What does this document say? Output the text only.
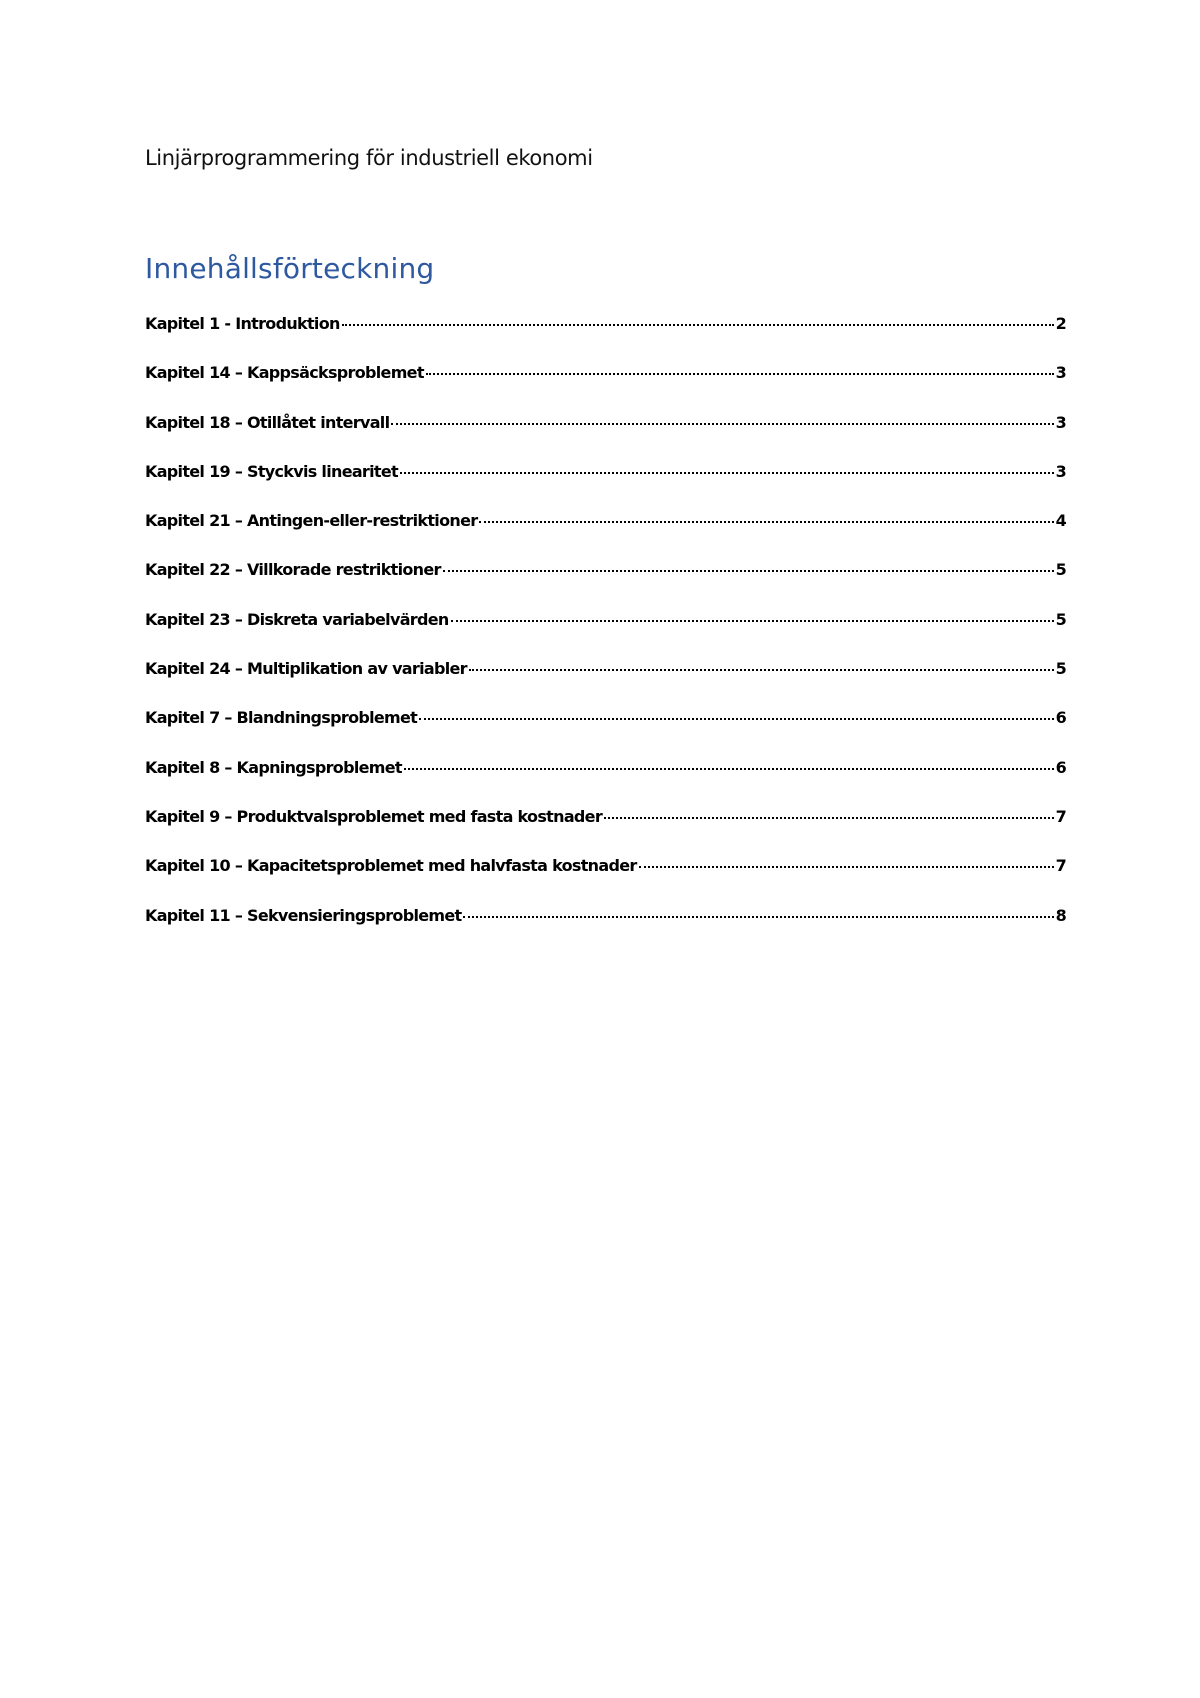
Linjärprogrammering för industriell ekonomi
Innehållsförteckning
Kapitel 1 - Introduktion	2
Kapitel 14 – Kappsäcksproblemet	3
Kapitel 18 – Otillåtet intervall	3
Kapitel 19 – Styckvis linearitet	3
Kapitel 21 – Antingen-eller-restriktioner	4
Kapitel 22 – Villkorade restriktioner	5
Kapitel 23 – Diskreta variabelvärden	5
Kapitel 24 – Multiplikation av variabler	5
Kapitel 7 – Blandningsproblemet	6
Kapitel 8 – Kapningsproblemet	6
Kapitel 9 – Produktvalsproblemet med fasta kostnader	7
Kapitel 10 – Kapacitetsproblemet med halvfasta kostnader	7
Kapitel 11 – Sekvensieringsproblemet	8
